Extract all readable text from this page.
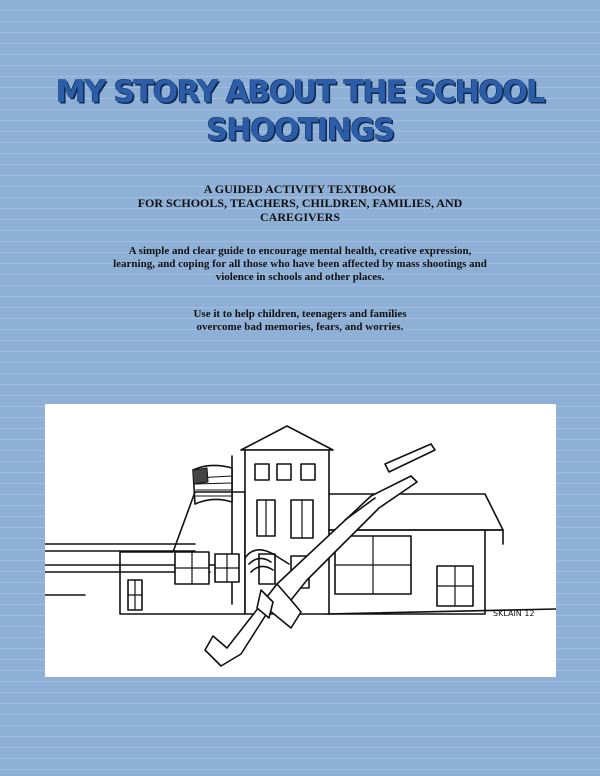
MY STORY ABOUT THE SCHOOL
SHOOTINGS
A GUIDED ACTIVITY TEXTBOOK
FOR SCHOOLS, TEACHERS, CHILDREN, FAMILIES, AND
CAREGIVERS
A simple and clear guide to encourage mental health, creative expression,
learning, and coping for all those who have been affected by mass shootings and
violence in schools and other places.
Use it to help children, teenagers and families
overcome bad memories, fears, and worries.
SKLAIN 12
